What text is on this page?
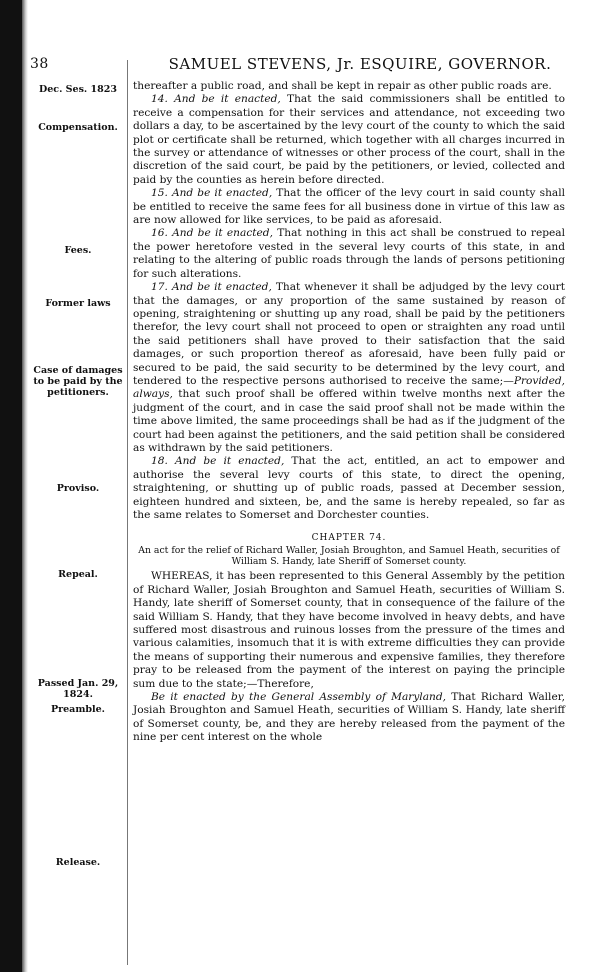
38	SAMUEL STEVENS, Jr. ESQUIRE, GOVERNOR.
Dec. Ses. 1823
Compensation.
Fees.
Former laws
Case of damages to be paid by the petitioners.
Proviso.
Repeal.
Passed Jan. 29, 1824.
Preamble.
Release.

thereafter a public road, and shall be kept in repair as other public roads are.

14. And be it enacted, That the said commissioners shall be entitled to receive a compensation for their services and attendance, not exceeding two dollars a day, to be ascertained by the levy court of the county to which the said plot or certificate shall be returned, which together with all charges incurred in the survey or attendance of witnesses or other process of the court, shall in the discretion of the said court, be paid by the petitioners, or levied, collected and paid by the counties as herein before directed.

15. And be it enacted, That the officer of the levy court in said county shall be entitled to receive the same fees for all business done in virtue of this law as are now allowed for like services, to be paid as aforesaid.

16. And be it enacted, That nothing in this act shall be construed to repeal the power heretofore vested in the several levy courts of this state, in and relating to the altering of public roads through the lands of persons petitioning for such alterations.

17. And be it enacted, That whenever it shall be adjudged by the levy court that the damages, or any proportion of the same sustained by reason of opening, straightening or shutting up any road, shall be paid by the petitioners therefor, the levy court shall not proceed to open or straighten any road until the said petitioners shall have proved to their satisfaction that the said damages, or such proportion thereof as aforesaid, have been fully paid or secured to be paid, the said security to be determined by the levy court, and tendered to the respective persons authorised to receive the same;—Provided, always, that such proof shall be offered within twelve months next after the judgment of the court, and in case the said proof shall not be made within the time above limited, the same proceedings shall be had as if the judgment of the court had been against the petitioners, and the said petition shall be considered as withdrawn by the said petitioners.

18. And be it enacted, That the act, entitled, an act to empower and authorise the several levy courts of this state, to direct the opening, straightening, or shutting up of public roads, passed at December session, eighteen hundred and sixteen, be, and the same is hereby repealed, so far as the same relates to Somerset and Dorchester counties.

CHAPTER 74.

An act for the relief of Richard Waller, Josiah Broughton, and Samuel Heath, securities of William S. Handy, late Sheriff of Somerset county.

WHEREAS, it has been represented to this General Assembly by the petition of Richard Waller, Josiah Broughton and Samuel Heath, securities of William S. Handy, late sheriff of Somerset county, that in consequence of the failure of the said William S. Handy, that they have become involved in heavy debts, and have suffered most disastrous and ruinous losses from the pressure of the times and various calamities, insomuch that it is with extreme difficulties they can provide the means of supporting their numerous and expensive families, they therefore pray to be released from the payment of the interest on paying the principle sum due to the state;—Therefore,

Be it enacted by the General Assembly of Maryland, That Richard Waller, Josiah Broughton and Samuel Heath, securities of William S. Handy, late sheriff of Somerset county, be, and they are hereby released from the payment of the nine per cent interest on the whole
